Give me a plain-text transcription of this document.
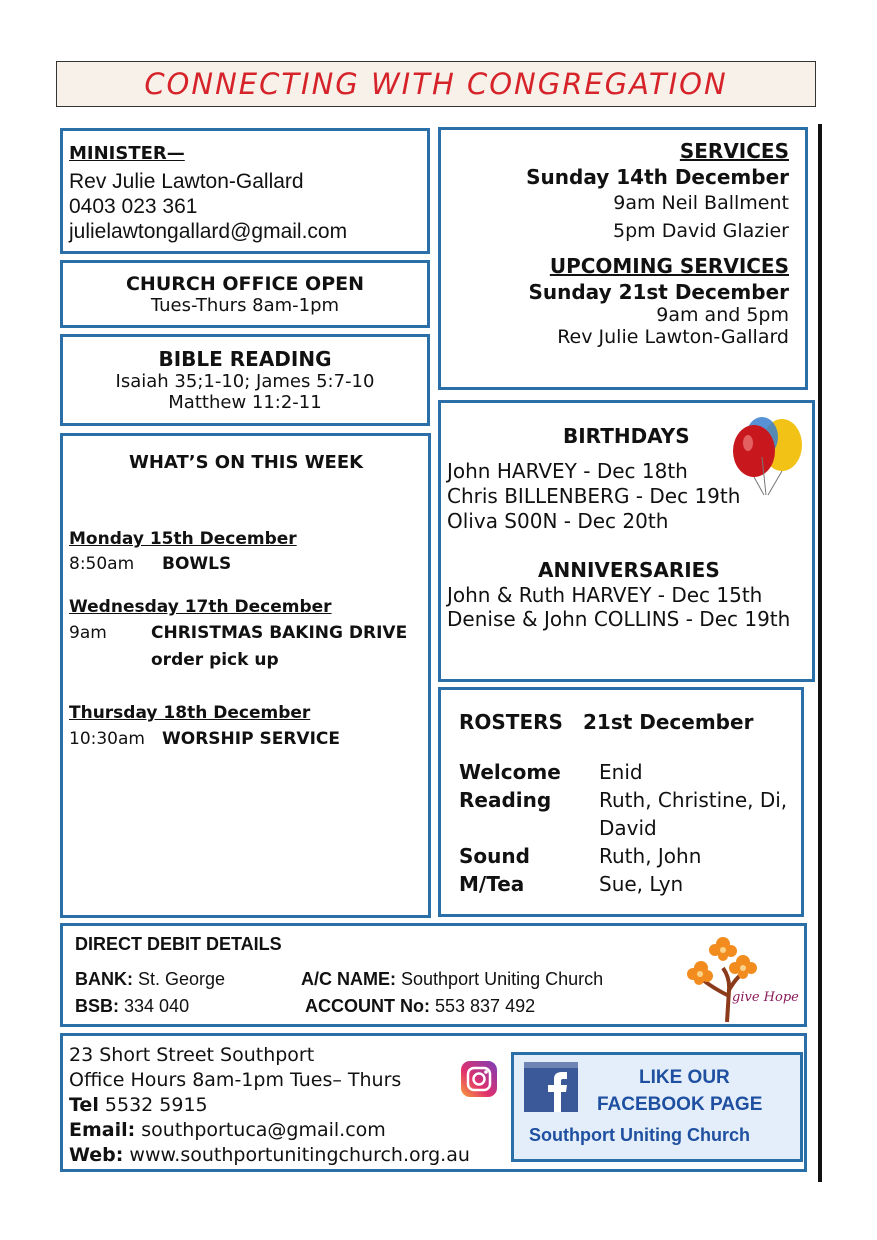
CONNECTING WITH CONGREGATION
MINISTER—
Rev Julie Lawton-Gallard
0403 023 361
julielawtongallard@gmail.com
CHURCH OFFICE OPEN
Tues-Thurs 8am-1pm
BIBLE READING
Isaiah 35;1-10; James 5:7-10
Matthew 11:2-11
WHAT’S ON THIS WEEK
Monday 15th December
8:50am BOWLS
Wednesday 17th December
9am	CHRISTMAS BAKING DRIVE
order pick up
Thursday 18th December
10:30am WORSHIP SERVICE
SERVICES
Sunday 14th December
9am Neil Ballment
5pm David Glazier
UPCOMING SERVICES
Sunday 21st December
9am and 5pm
Rev Julie Lawton-Gallard
BIRTHDAYS
John HARVEY - Dec 18th
Chris BILLENBERG - Dec 19th
Oliva S00N - Dec 20th
ANNIVERSARIES
John & Ruth HARVEY - Dec 15th
Denise & John COLLINS - Dec 19th
ROSTERS 21st December
Welcome Enid
Reading Ruth, Christine, Di,
David
Sound	Ruth, John
M/Tea	Sue, Lyn
DIRECT DEBIT DETAILS
BANK: St. George	A/C NAME: Southport Uniting Church
BSB: 334 040	ACCOUNT No: 553 837 492	give Hope
23 Short Street Southport
Office Hours 8am-1pm Tues– Thurs
Tel 5532 5915
Email: southportuca@gmail.com
Web: www.southportunitingchurch.org.au
LIKE OUR
FACEBOOK PAGE
Southport Uniting Church
